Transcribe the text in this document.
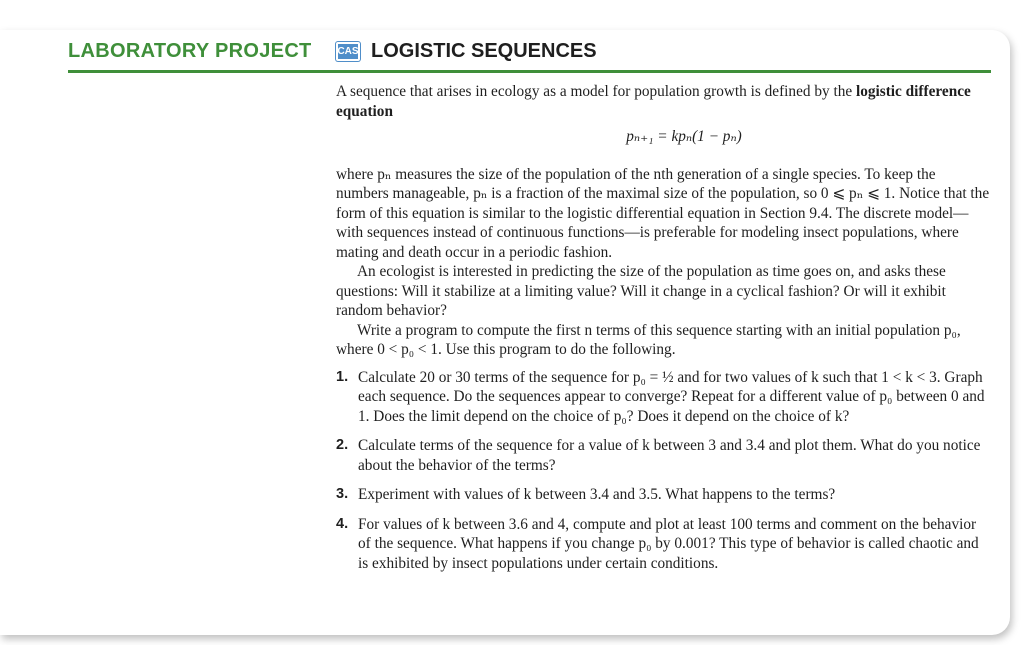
LABORATORY PROJECT	CAS LOGISTIC SEQUENCES

A sequence that arises in ecology as a model for population growth is defined by the logistic difference equation

pₙ₊₁ = kpₙ(1 − pₙ)

where pₙ measures the size of the population of the nth generation of a single species. To keep the numbers manageable, pₙ is a fraction of the maximal size of the population, so 0 ⩽ pₙ ⩽ 1. Notice that the form of this equation is similar to the logistic differential equation in Section 9.4. The discrete model—with sequences instead of continuous functions—is preferable for modeling insect populations, where mating and death occur in a periodic fashion.

An ecologist is interested in predicting the size of the population as time goes on, and asks these questions: Will it stabilize at a limiting value? Will it change in a cyclical fashion? Or will it exhibit random behavior?

Write a program to compute the first n terms of this sequence starting with an initial population p₀, where 0 < p₀ < 1. Use this program to do the following.

1. Calculate 20 or 30 terms of the sequence for p₀ = ½ and for two values of k such that 1 < k < 3. Graph each sequence. Do the sequences appear to converge? Repeat for a different value of p₀ between 0 and 1. Does the limit depend on the choice of p₀? Does it depend on the choice of k?
2. Calculate terms of the sequence for a value of k between 3 and 3.4 and plot them. What do you notice about the behavior of the terms?
3. Experiment with values of k between 3.4 and 3.5. What happens to the terms?
4. For values of k between 3.6 and 4, compute and plot at least 100 terms and comment on the behavior of the sequence. What happens if you change p₀ by 0.001? This type of behavior is called chaotic and is exhibited by insect populations under certain conditions.
